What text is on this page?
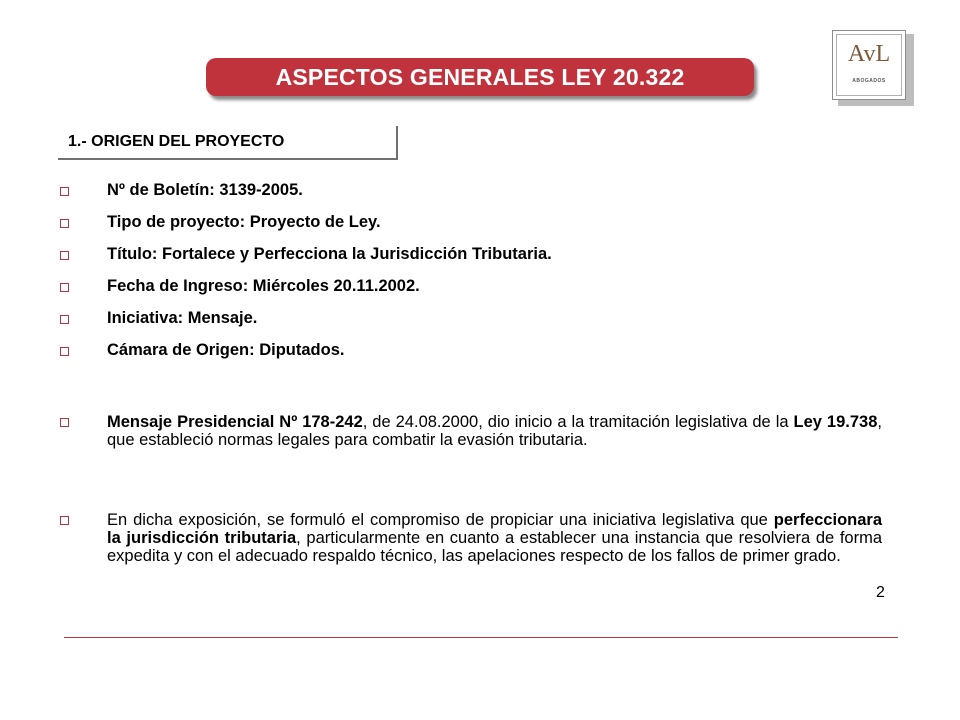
ASPECTOS GENERALES LEY 20.322
AvL
ABOGADOS
1.- ORIGEN DEL PROYECTO
Nº de Boletín: 3139-2005.
Tipo de proyecto: Proyecto de Ley.
Título: Fortalece y Perfecciona la Jurisdicción Tributaria.
Fecha de Ingreso: Miércoles 20.11.2002.
Iniciativa: Mensaje.
Cámara de Origen: Diputados.
Mensaje Presidencial Nº 178-242, de 24.08.2000, dio inicio a la tramitación legislativa de la Ley 19.738, que estableció normas legales para combatir la evasión tributaria.
En dicha exposición, se formuló el compromiso de propiciar una iniciativa legislativa que perfeccionara la jurisdicción tributaria, particularmente en cuanto a establecer una instancia que resolviera de forma expedita y con el adecuado respaldo técnico, las apelaciones respecto de los fallos de primer grado.
2
